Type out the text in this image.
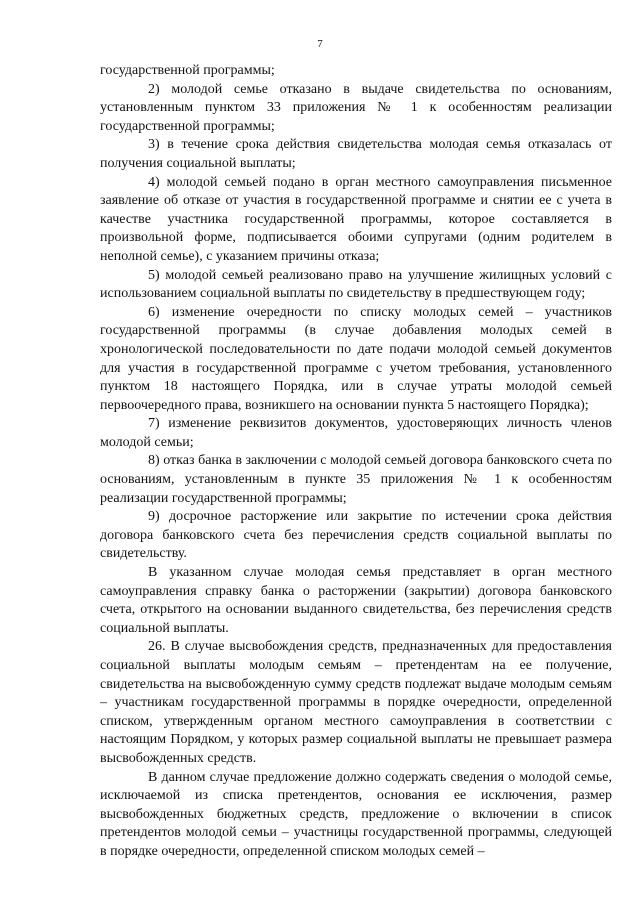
7

государственной программы;

2) молодой семье отказано в выдаче свидетельства по основаниям, установленным пунктом 33 приложения № 1 к особенностям реализации государственной программы;

3) в течение срока действия свидетельства молодая семья отказалась от получения социальной выплаты;

4) молодой семьей подано в орган местного самоуправления письменное заявление об отказе от участия в государственной программе и снятии ее с учета в качестве участника государственной программы, которое составляется в произвольной форме, подписывается обоими супругами (одним родителем в неполной семье), с указанием причины отказа;

5) молодой семьей реализовано право на улучшение жилищных условий с использованием социальной выплаты по свидетельству в предшествующем году;

6) изменение очередности по списку молодых семей – участников государственной программы (в случае добавления молодых семей в хронологической последовательности по дате подачи молодой семьей документов для участия в государственной программе с учетом требования, установленного пунктом 18 настоящего Порядка, или в случае утраты молодой семьей первоочередного права, возникшего на основании пункта 5 настоящего Порядка);

7) изменение реквизитов документов, удостоверяющих личность членов молодой семьи;

8) отказ банка в заключении с молодой семьей договора банковского счета по основаниям, установленным в пункте 35 приложения № 1 к особенностям реализации государственной программы;

9) досрочное расторжение или закрытие по истечении срока действия договора банковского счета без перечисления средств социальной выплаты по свидетельству.

В указанном случае молодая семья представляет в орган местного самоуправления справку банка о расторжении (закрытии) договора банковского счета, открытого на основании выданного свидетельства, без перечисления средств социальной выплаты.

26. В случае высвобождения средств, предназначенных для предоставления социальной выплаты молодым семьям – претендентам на ее получение, свидетельства на высвобожденную сумму средств подлежат выдаче молодым семьям – участникам государственной программы в порядке очередности, определенной списком, утвержденным органом местного самоуправления в соответствии с настоящим Порядком, у которых размер социальной выплаты не превышает размера высвобожденных средств.

В данном случае предложение должно содержать сведения о молодой семье, исключаемой из списка претендентов, основания ее исключения, размер высвобожденных бюджетных средств, предложение о включении в список претендентов молодой семьи – участницы государственной программы, следующей в порядке очередности, определенной списком молодых семей –
